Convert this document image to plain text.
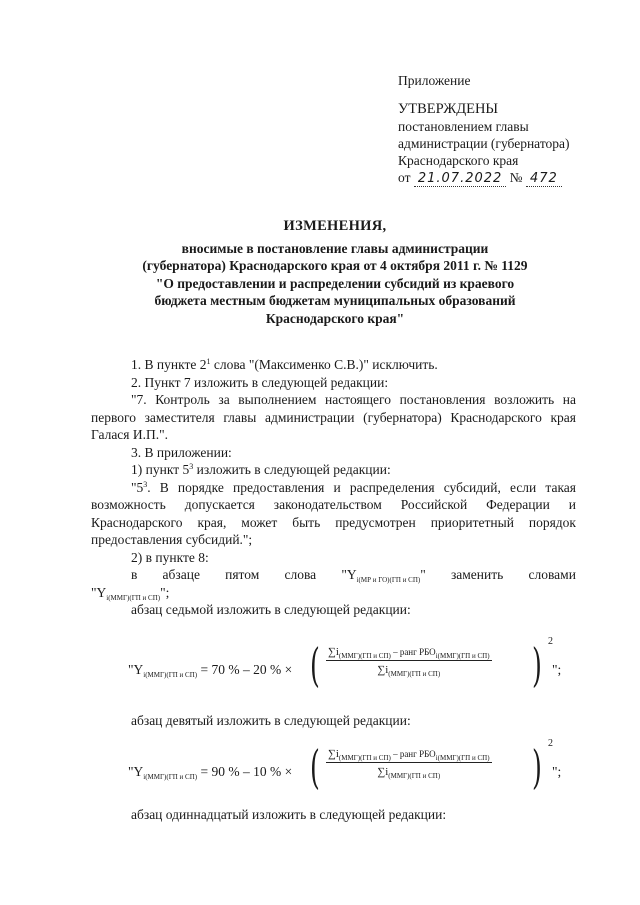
Приложение
УТВЕРЖДЕНЫ
постановлением главы
администрации (губернатора)
Краснодарского края
от 21.07.2022 № 472
ИЗМЕНЕНИЯ,
вносимые в постановление главы администрации
(губернатора) Краснодарского края от 4 октября 2011 г. № 1129
"О предоставлении и распределении субсидий из краевого
бюджета местным бюджетам муниципальных образований
Краснодарского края"
1. В пункте $2^1$ слова "(Максименко С.В.)" исключить.
2. Пункт 7 изложить в следующей редакции:
"7. Контроль за выполнением настоящего постановления возложить на первого заместителя главы администрации (губернатора) Краснодарского края Галася И.П.".
3. В приложении:
1) пункт $5^3$ изложить в следующей редакции:
"$5^3$. В порядке предоставления и распределения субсидий, если такая возможность допускается законодательством Российской Федерации и Краснодарского края, может быть предусмотрен приоритетный порядок предоставления субсидий.";
2) в пункте 8:
в абзаце пятом слова "$Y_{i(МР и ГО)(ГП и СП)}$" заменить словами
"$Y_{i(ММГ)(ГП и СП)}$";
абзац седьмой изложить в следующей редакции:
"$Y_{i(ММГ)(ГП и СП)} = 70$ % – 20 % × ( $\sum i_{(ММГ)(ГП и СП)}$ – ранг $РБО_{i(ММГ)(ГП и СП)}$
$\sum i_{(ММГ)(ГП и СП)}$	) 2
";
абзац девятый изложить в следующей редакции:
"$Y_{i(ММГ)(ГП и СП)} = 90$ % – 10 % × ( $\sum i_{(ММГ)(ГП и СП)}$ – ранг $РБО_{i(ММГ)(ГП и СП)}$
$\sum i_{(ММГ)(ГП и СП)}$	) 2
";
абзац одиннадцатый изложить в следующей редакции:
